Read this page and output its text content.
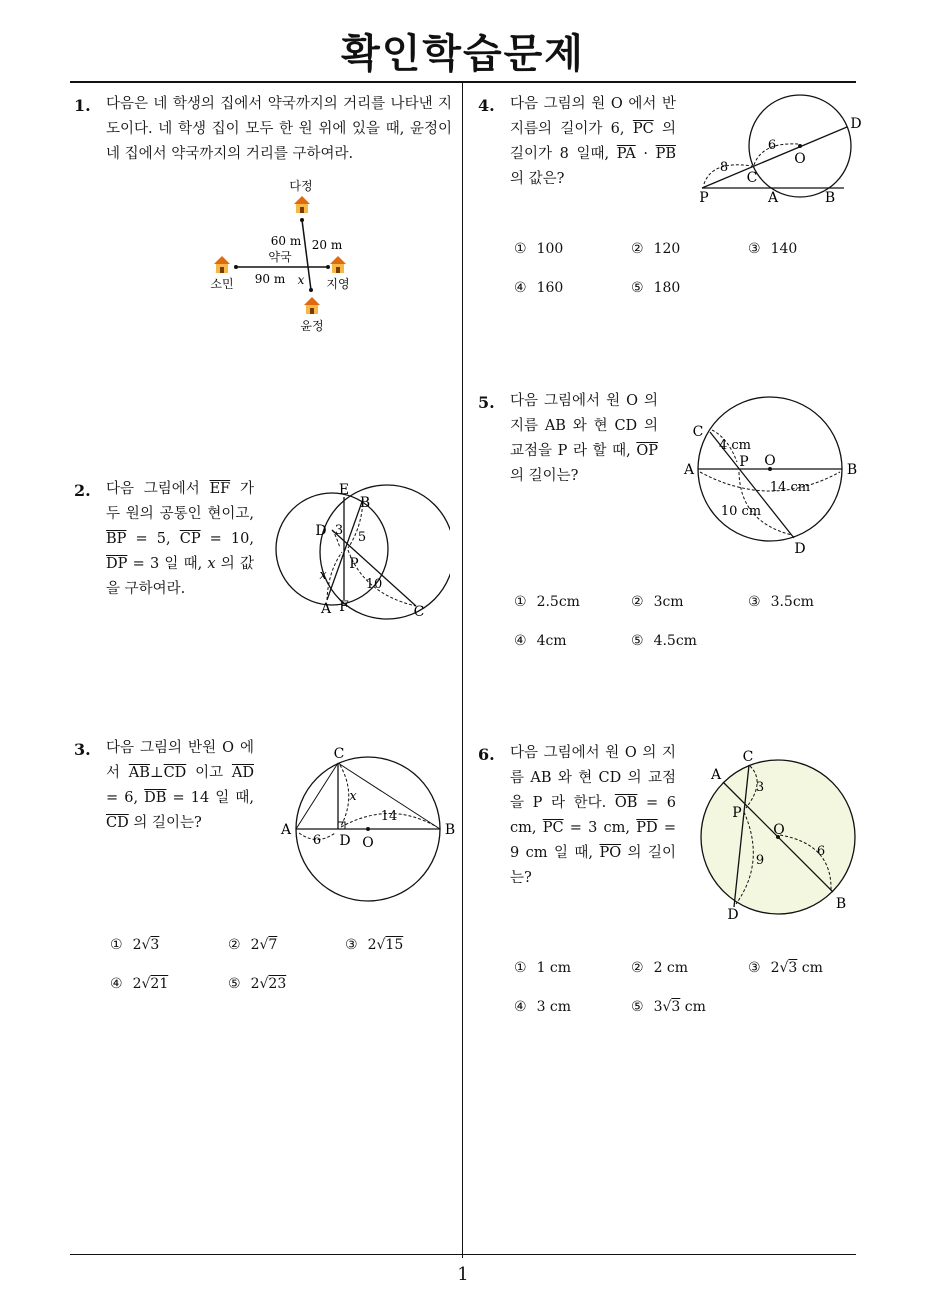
확인학습문제
1
1. 다음은 네 학생의 집에서 약국까지의 거리를 나타낸 지도이다. 네 학생 집이 모두 한 원 위에 있을 때, 윤정이네 집에서 약국까지의 거리를 구하여라.
다정
소민	지영
윤정
약국
60 m 20 m
90 m x
2. 다음 그림에서 $\overline{EF}$ 가 두 원의 공통인 현이고, $\overline{BP} = 5$, $\overline{CP} = 10$, $\overline{DP} = 3$ 일 때, x 의 값을 구하여라.
E
B
D
P
A F	C
3 5
10
x
3. 다음 그림의 반원 O 에서 $\overline{AB}\perp\overline{CD}$ 이고 $\overline{AD} = 6$, $\overline{DB} = 14$ 일 때, $\overline{CD}$ 의 길이는?
C
A	B
D O
6
14
x
① 2√3	② 2√7	③ 2√15
④ 2√21	⑤ 2√23
4. 다음 그림의 원 O 에서 반지름의 길이가 6, $\overline{PC}$ 의 길이가 8 일때, $\overline{PA} \cdot \overline{PB}$ 의 값은?
D
O
C
P	A	B
6
8
① 100	② 120	③ 140
④ 160	⑤ 180
5. 다음 그림에서 원 O 의 지름 AB 와 현 CD 의 교점을 P 라 할 때, $\overline{OP}$ 의 길이는?
C
A	P O
B
D
4 cm
14 cm
10 cm
① 2.5cm	② 3cm	③ 3.5cm
④ 4cm	⑤ 4.5cm
6. 다음 그림에서 원 O 의 지름 AB 와 현 CD 의 교점을 P 라 한다. $\overline{OB} = 6$ cm, $\overline{PC} = 3$ cm, $\overline{PD} = 9$ cm 일 때, $\overline{PO}$ 의 길이는?
C
A
P
O
B
D
3
9
6
① 1 cm	② 2 cm	③ 2√3 cm
④ 3 cm	⑤ 3√3 cm
